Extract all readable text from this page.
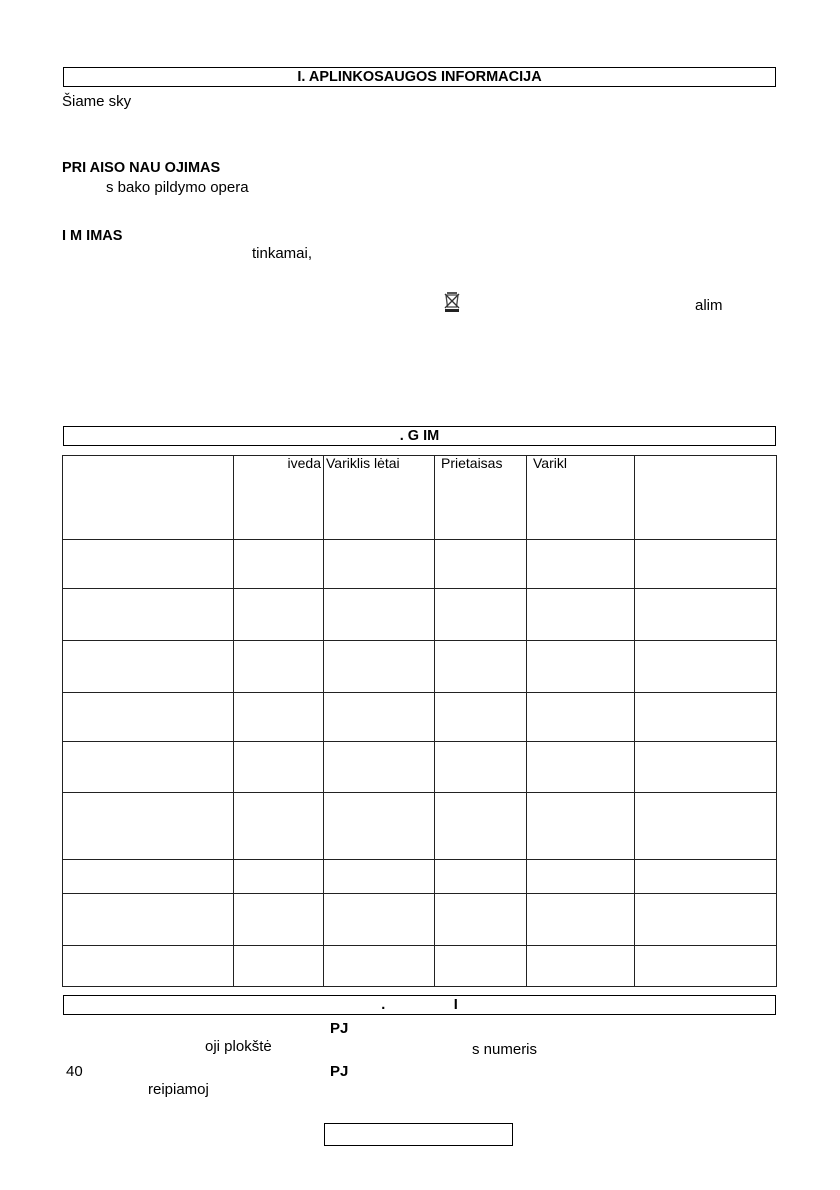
I. APLINKOSAUGOS INFORMACIJA
Šiame sky
PRI AISO NAU OJIMAS
s bako pildymo opera
I M IMAS
tinkamai,
alim
. G IM
	iveda	Variklis lėtai	Prietaisas	Varikl	

.                 I
PJ
oji plokštė	s numeris
40	PJ
reipiamoj
